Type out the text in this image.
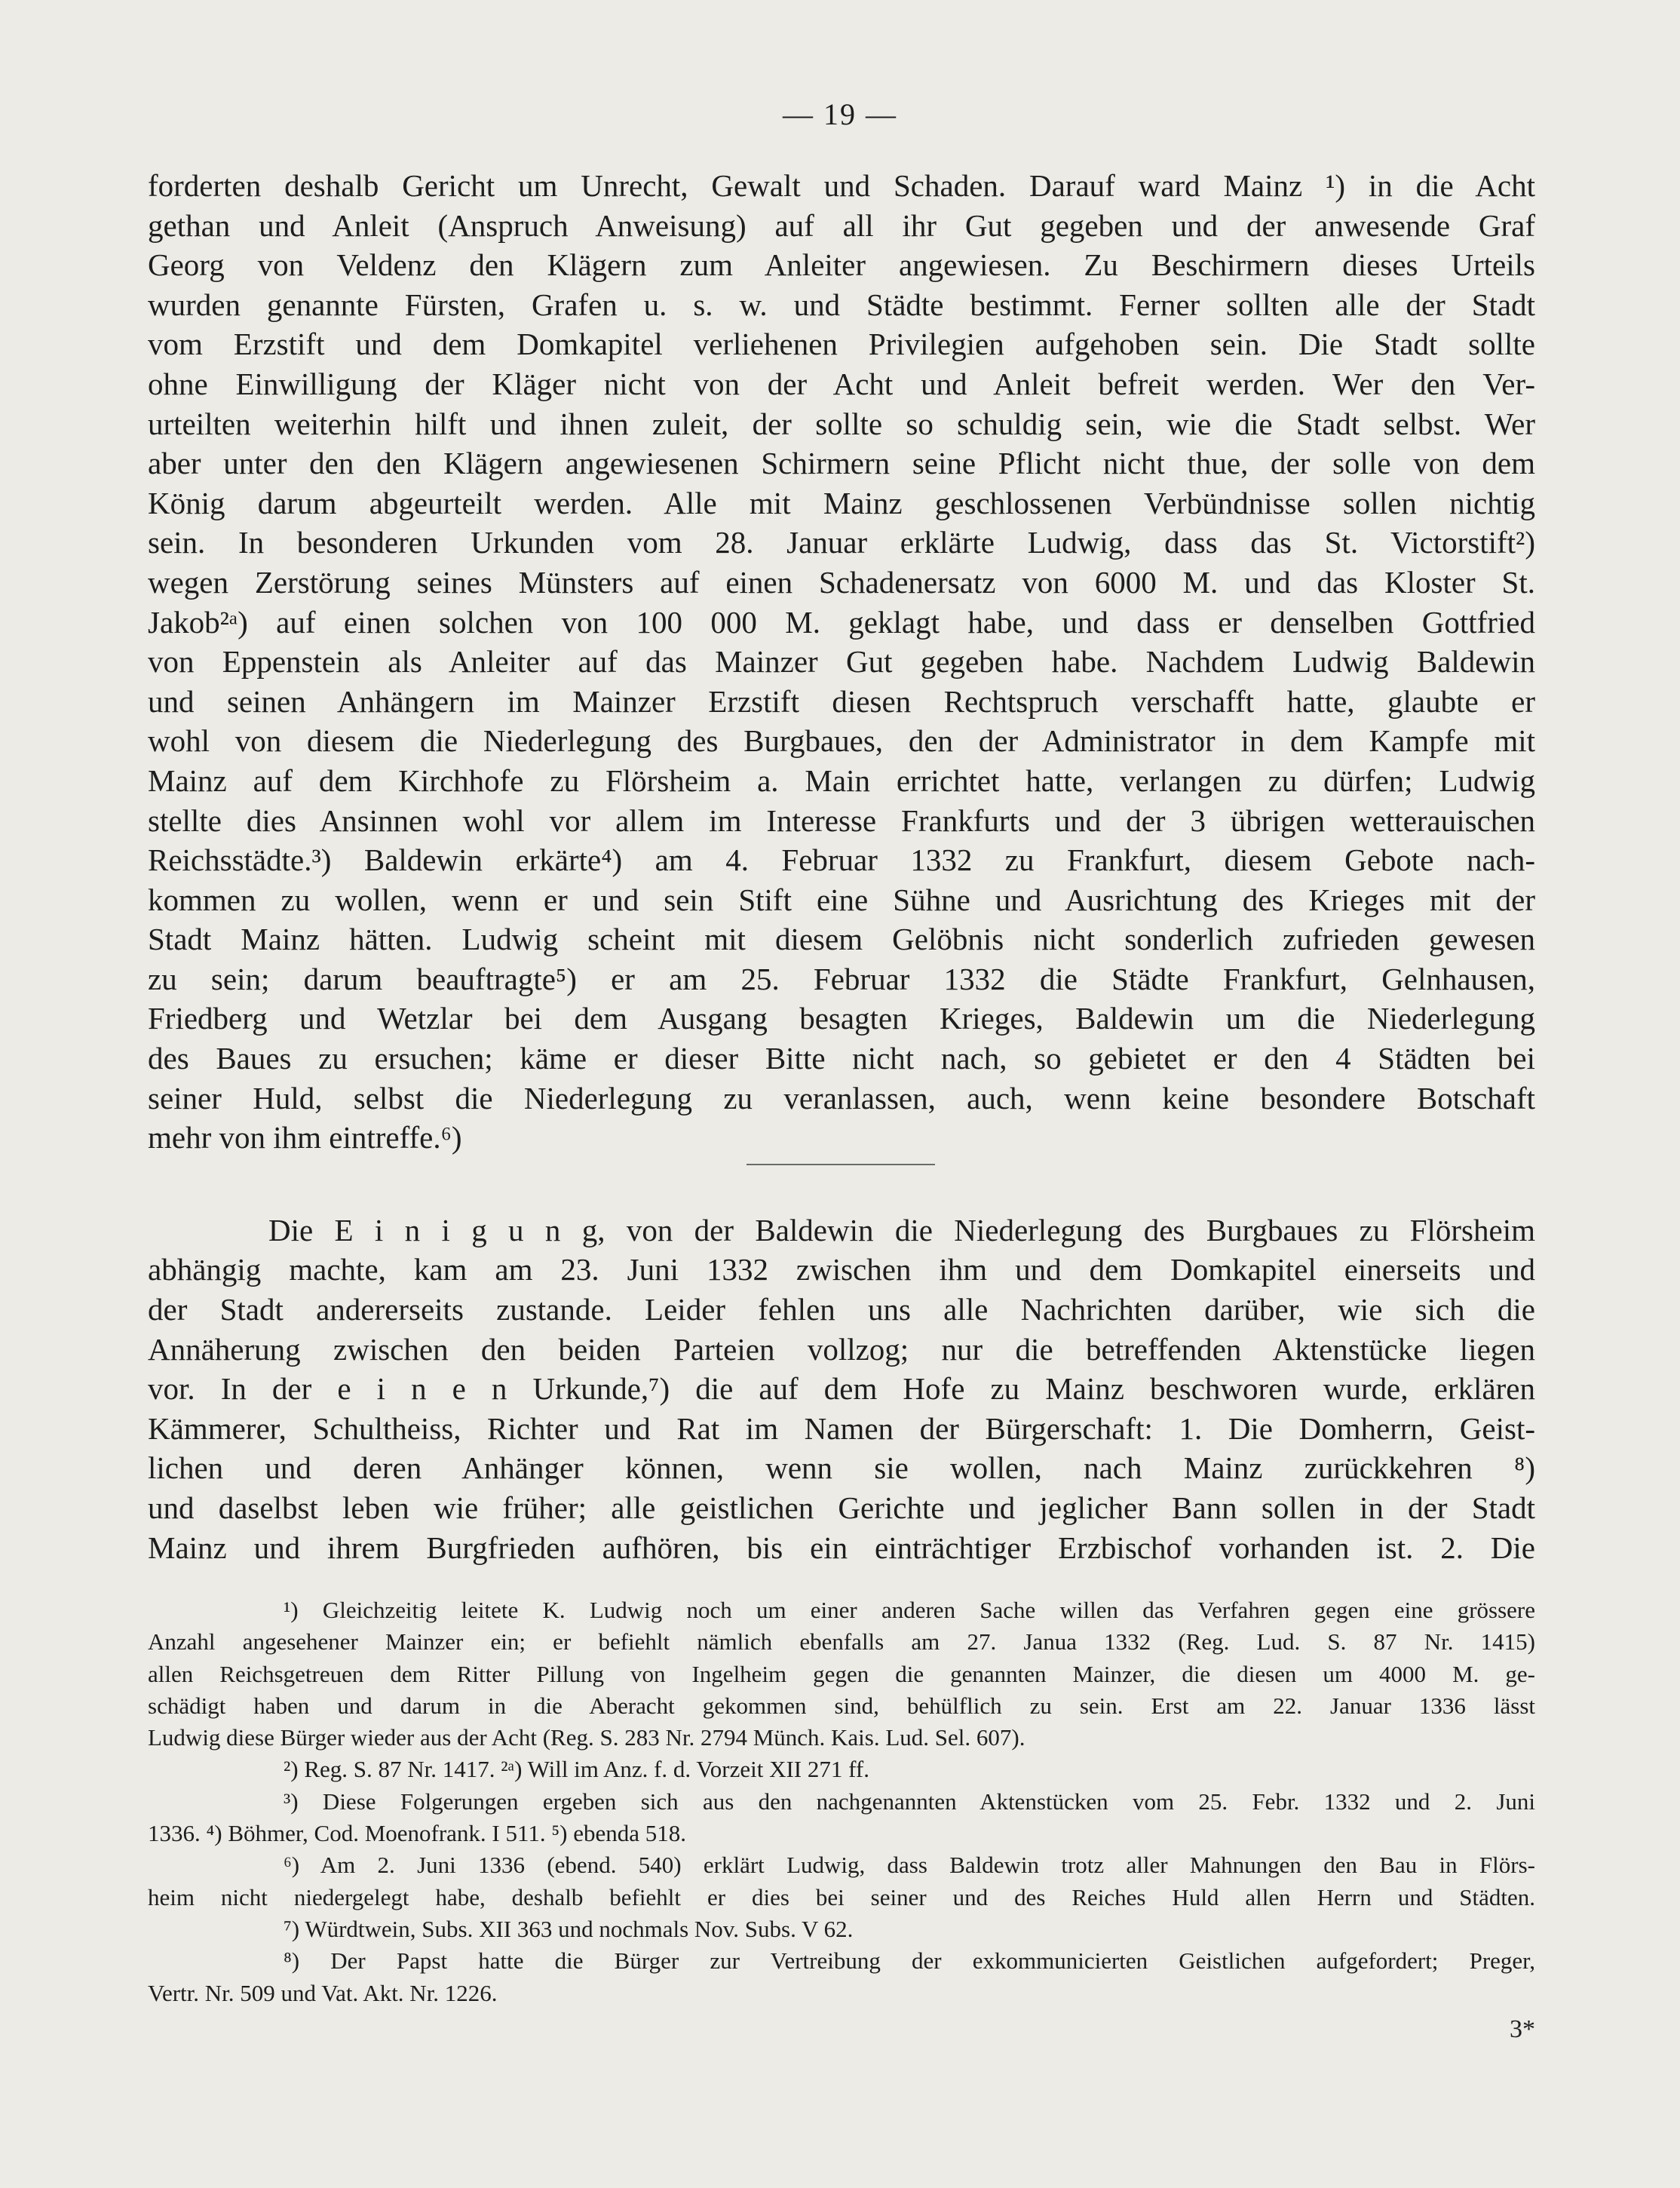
— 19 —
forderten deshalb Gericht um Unrecht, Gewalt und Schaden. Darauf ward Mainz ¹) in die Acht
gethan und Anleit (Anspruch Anweisung) auf all ihr Gut gegeben und der anwesende Graf
Georg von Veldenz den Klägern zum Anleiter angewiesen. Zu Beschirmern dieses Urteils
wurden genannte Fürsten, Grafen u. s. w. und Städte bestimmt. Ferner sollten alle der Stadt
vom Erzstift und dem Domkapitel verliehenen Privilegien aufgehoben sein. Die Stadt sollte
ohne Einwilligung der Kläger nicht von der Acht und Anleit befreit werden. Wer den Ver-
urteilten weiterhin hilft und ihnen zuleit, der sollte so schuldig sein, wie die Stadt selbst. Wer
aber unter den den Klägern angewiesenen Schirmern seine Pflicht nicht thue, der solle von dem
König darum abgeurteilt werden. Alle mit Mainz geschlossenen Verbündnisse sollen nichtig
sein. In besonderen Urkunden vom 28. Januar erklärte Ludwig, dass das St. Victorstift²)
wegen Zerstörung seines Münsters auf einen Schadenersatz von 6000 M. und das Kloster St.
Jakob²ᵃ) auf einen solchen von 100 000 M. geklagt habe, und dass er denselben Gottfried
von Eppenstein als Anleiter auf das Mainzer Gut gegeben habe. Nachdem Ludwig Baldewin
und seinen Anhängern im Mainzer Erzstift diesen Rechtspruch verschafft hatte, glaubte er
wohl von diesem die Niederlegung des Burgbaues, den der Administrator in dem Kampfe mit
Mainz auf dem Kirchhofe zu Flörsheim a. Main errichtet hatte, verlangen zu dürfen; Ludwig
stellte dies Ansinnen wohl vor allem im Interesse Frankfurts und der 3 übrigen wetterauischen
Reichsstädte.³) Baldewin erkärte⁴) am 4. Februar 1332 zu Frankfurt, diesem Gebote nach-
kommen zu wollen, wenn er und sein Stift eine Sühne und Ausrichtung des Krieges mit der
Stadt Mainz hätten. Ludwig scheint mit diesem Gelöbnis nicht sonderlich zufrieden gewesen
zu sein; darum beauftragte⁵) er am 25. Februar 1332 die Städte Frankfurt, Gelnhausen,
Friedberg und Wetzlar bei dem Ausgang besagten Krieges, Baldewin um die Niederlegung
des Baues zu ersuchen; käme er dieser Bitte nicht nach, so gebietet er den 4 Städten bei
seiner Huld, selbst die Niederlegung zu veranlassen, auch, wenn keine besondere Botschaft
mehr von ihm eintreffe.⁶)
Die E i n i g u n g, von der Baldewin die Niederlegung des Burgbaues zu Flörsheim
abhängig machte, kam am 23. Juni 1332 zwischen ihm und dem Domkapitel einerseits und
der Stadt andererseits zustande. Leider fehlen uns alle Nachrichten darüber, wie sich die
Annäherung zwischen den beiden Parteien vollzog; nur die betreffenden Aktenstücke liegen
vor. In der e i n e n Urkunde,⁷) die auf dem Hofe zu Mainz beschworen wurde, erklären
Kämmerer, Schultheiss, Richter und Rat im Namen der Bürgerschaft: 1. Die Domherrn, Geist-
lichen und deren Anhänger können, wenn sie wollen, nach Mainz zurückkehren ⁸)
und daselbst leben wie früher; alle geistlichen Gerichte und jeglicher Bann sollen in der Stadt
Mainz und ihrem Burgfrieden aufhören, bis ein einträchtiger Erzbischof vorhanden ist. 2. Die
¹) Gleichzeitig leitete K. Ludwig noch um einer anderen Sache willen das Verfahren gegen eine grössere
Anzahl angesehener Mainzer ein; er befiehlt nämlich ebenfalls am 27. Janua 1332 (Reg. Lud. S. 87 Nr. 1415)
allen Reichsgetreuen dem Ritter Pillung von Ingelheim gegen die genannten Mainzer, die diesen um 4000 M. ge-
schädigt haben und darum in die Aberacht gekommen sind, behülflich zu sein. Erst am 22. Januar 1336 lässt
Ludwig diese Bürger wieder aus der Acht (Reg. S. 283 Nr. 2794 Münch. Kais. Lud. Sel. 607).
²) Reg. S. 87 Nr. 1417. ²ᵃ) Will im Anz. f. d. Vorzeit XII 271 ff.
³) Diese Folgerungen ergeben sich aus den nachgenannten Aktenstücken vom 25. Febr. 1332 und 2. Juni
1336. ⁴) Böhmer, Cod. Moenofrank. I 511. ⁵) ebenda 518.
⁶) Am 2. Juni 1336 (ebend. 540) erklärt Ludwig, dass Baldewin trotz aller Mahnungen den Bau in Flörs-
heim nicht niedergelegt habe, deshalb befiehlt er dies bei seiner und des Reiches Huld allen Herrn und Städten.
⁷) Würdtwein, Subs. XII 363 und nochmals Nov. Subs. V 62.
⁸) Der Papst hatte die Bürger zur Vertreibung der exkommunicierten Geistlichen aufgefordert; Preger,
Vertr. Nr. 509 und Vat. Akt. Nr. 1226.
3*
